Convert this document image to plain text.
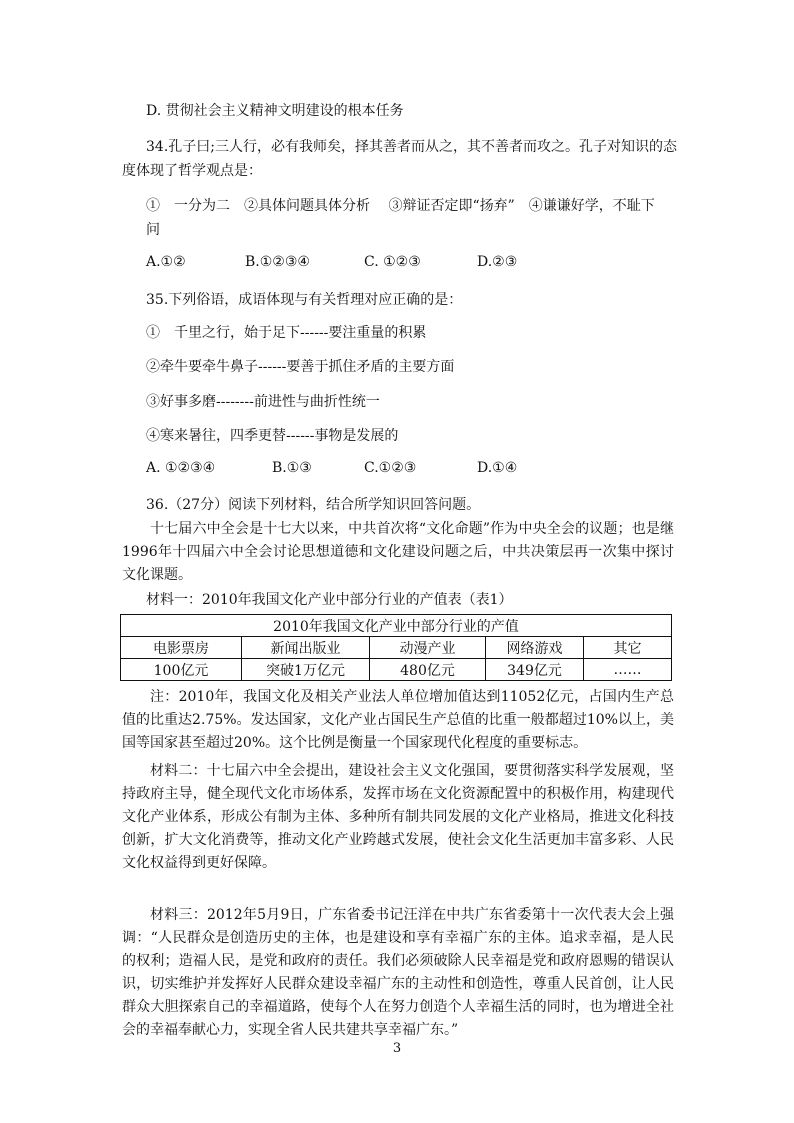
D. 贯彻社会主义精神文明建设的根本任务
34.孔子曰;三人行，必有我师矣，择其善者而从之，其不善者而攻之。孔子对知识的态
度体现了哲学观点是：
①　一分为二　②具体问题具体分析　 ③辩证否定即“扬弃”　④谦谦好学，不耻下
问
A.①②	B.①②③④	C. ①②③	D.②③
35.下列俗语，成语体现与有关哲理对应正确的是：
①　千里之行，始于足下------要注重量的积累
②牵牛要牵牛鼻子------要善于抓住矛盾的主要方面
③好事多磨--------前进性与曲折性统一
④寒来暑往，四季更替------事物是发展的
A. ①②③④	B.①③	C.①②③	D.①④
36.（27分）阅读下列材料，结合所学知识回答问题。
十七届六中全会是十七大以来，中共首次将“文化命题”作为中央全会的议题；也是继1996年十四届六中全会讨论思想道德和文化建设问题之后，中共决策层再一次集中探讨文化课题。
材料一：2010年我国文化产业中部分行业的产值表（表1）
2010年我国文化产业中部分行业的产值				
电影票房	新闻出版业	动漫产业	网络游戏	其它
100亿元	突破1万亿元	480亿元	349亿元	……
注：2010年，我国文化及相关产业法人单位增加值达到11052亿元，占国内生产总值的比重达2.75%。发达国家，文化产业占国民生产总值的比重一般都超过10%以上，美国等国家甚至超过20%。这个比例是衡量一个国家现代化程度的重要标志。
材料二：十七届六中全会提出，建设社会主义文化强国，要贯彻落实科学发展观，坚持政府主导，健全现代文化市场体系，发挥市场在文化资源配置中的积极作用，构建现代文化产业体系，形成公有制为主体、多种所有制共同发展的文化产业格局，推进文化科技创新，扩大文化消费等，推动文化产业跨越式发展，使社会文化生活更加丰富多彩、人民文化权益得到更好保障。
材料三：2012年5月9日，广东省委书记汪洋在中共广东省委第十一次代表大会上强调：“人民群众是创造历史的主体，也是建设和享有幸福广东的主体。追求幸福，是人民的权利；造福人民，是党和政府的责任。我们必须破除人民幸福是党和政府恩赐的错误认识，切实维护并发挥好人民群众建设幸福广东的主动性和创造性，尊重人民首创，让人民群众大胆探索自己的幸福道路，使每个人在努力创造个人幸福生活的同时，也为增进全社会的幸福奉献心力，实现全省人民共建共享幸福广东。”
3
